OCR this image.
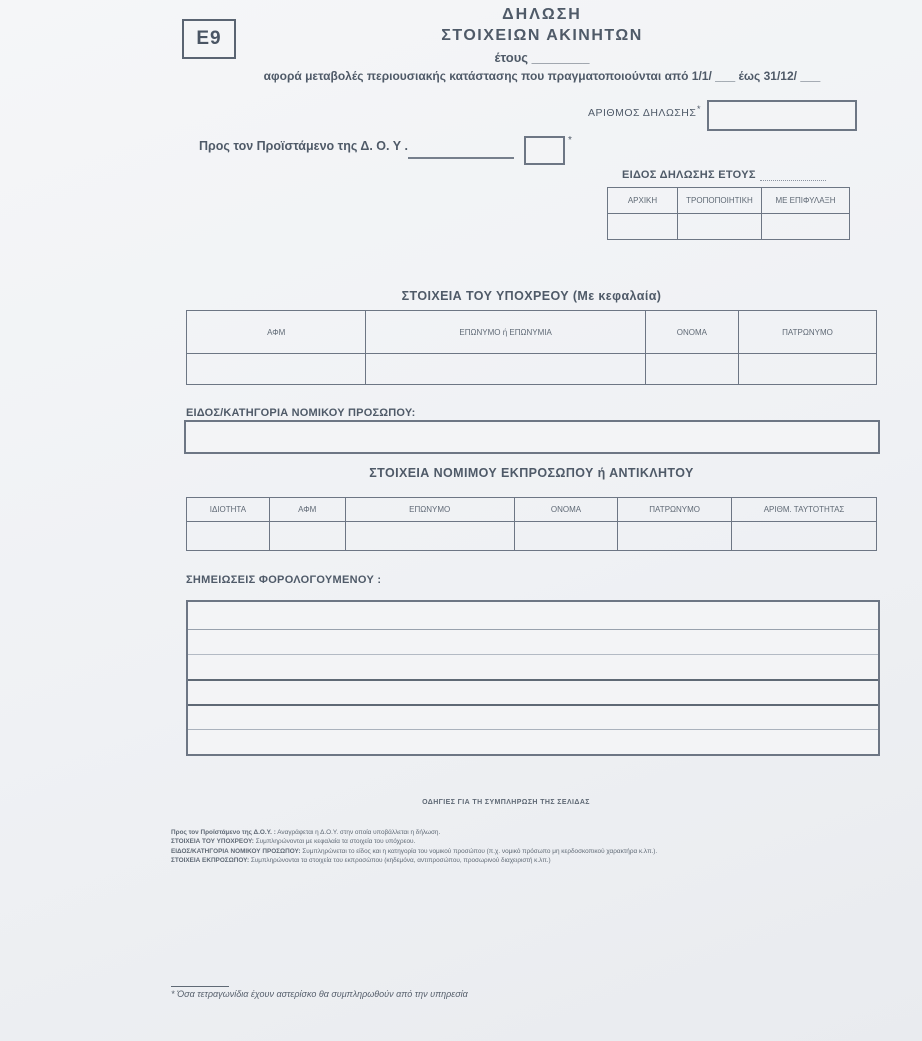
E9
ΔΗΛΩΣΗ
ΣΤΟΙΧΕΙΩΝ ΑΚΙΝΗΤΩΝ
έτους ________
αφορά μεταβολές περιουσιακής κατάστασης που πραγματοποιούνται από 1/1/ ___ έως 31/12/ ___
ΑΡΙΘΜΟΣ ΔΗΛΩΣΗΣ *
Προς τον Προϊστάμενο της Δ. Ο. Υ .	*
ΕΙΔΟΣ ΔΗΛΩΣΗΣ ΕΤΟΥΣ
ΑΡΧΙΚΗ	ΤΡΟΠΟΠΟΙΗΤΙΚΗ	ΜΕ ΕΠΙΦΥΛΑΞΗ

ΣΤΟΙΧΕΙΑ ΤΟΥ ΥΠΟΧΡΕΟΥ (Με κεφαλαία)
ΑΦΜ	ΕΠΩΝΥΜΟ ή ΕΠΩΝΥΜΙΑ	ΟΝΟΜΑ	ΠΑΤΡΩΝΥΜΟ

ΕΙΔΟΣ/ΚΑΤΗΓΟΡΙΑ ΝΟΜΙΚΟΥ ΠΡΟΣΩΠΟΥ:
ΣΤΟΙΧΕΙΑ ΝΟΜΙΜΟΥ ΕΚΠΡΟΣΩΠΟΥ ή ΑΝΤΙΚΛΗΤΟΥ
ΙΔΙΟΤΗΤΑ	ΑΦΜ	ΕΠΩΝΥΜΟ	ΟΝΟΜΑ	ΠΑΤΡΩΝΥΜΟ	ΑΡΙΘΜ. ΤΑΥΤΟΤΗΤΑΣ

ΣΗΜΕΙΩΣΕΙΣ ΦΟΡΟΛΟΓΟΥΜΕΝΟΥ :
ΟΔΗΓΙΕΣ ΓΙΑ ΤΗ ΣΥΜΠΛΗΡΩΣΗ ΤΗΣ ΣΕΛΙΔΑΣ
Προς τον Προϊστάμενο της Δ.Ο.Υ. : Αναγράφεται η Δ.Ο.Υ. στην οποία υποβάλλεται η δήλωση.
ΣΤΟΙΧΕΙΑ ΤΟΥ ΥΠΟΧΡΕΟΥ: Συμπληρώνονται με κεφαλαία τα στοιχεία του υπόχρεου.
ΕΙΔΟΣ/ΚΑΤΗΓΟΡΙΑ ΝΟΜΙΚΟΥ ΠΡΟΣΩΠΟΥ: Συμπληρώνεται το είδος και η κατηγορία του νομικού προσώπου (π.χ. νομικό πρόσωπο μη κερδοσκοπικού χαρακτήρα κ.λπ.).
ΣΤΟΙΧΕΙΑ ΕΚΠΡΟΣΩΠΟΥ: Συμπληρώνονται τα στοιχεία του εκπροσώπου (κηδεμόνα, αντιπροσώπου, προσωρινού διαχειριστή κ.λπ.)
* Όσα τετραγωνίδια έχουν αστερίσκο θα συμπληρωθούν από την υπηρεσία
